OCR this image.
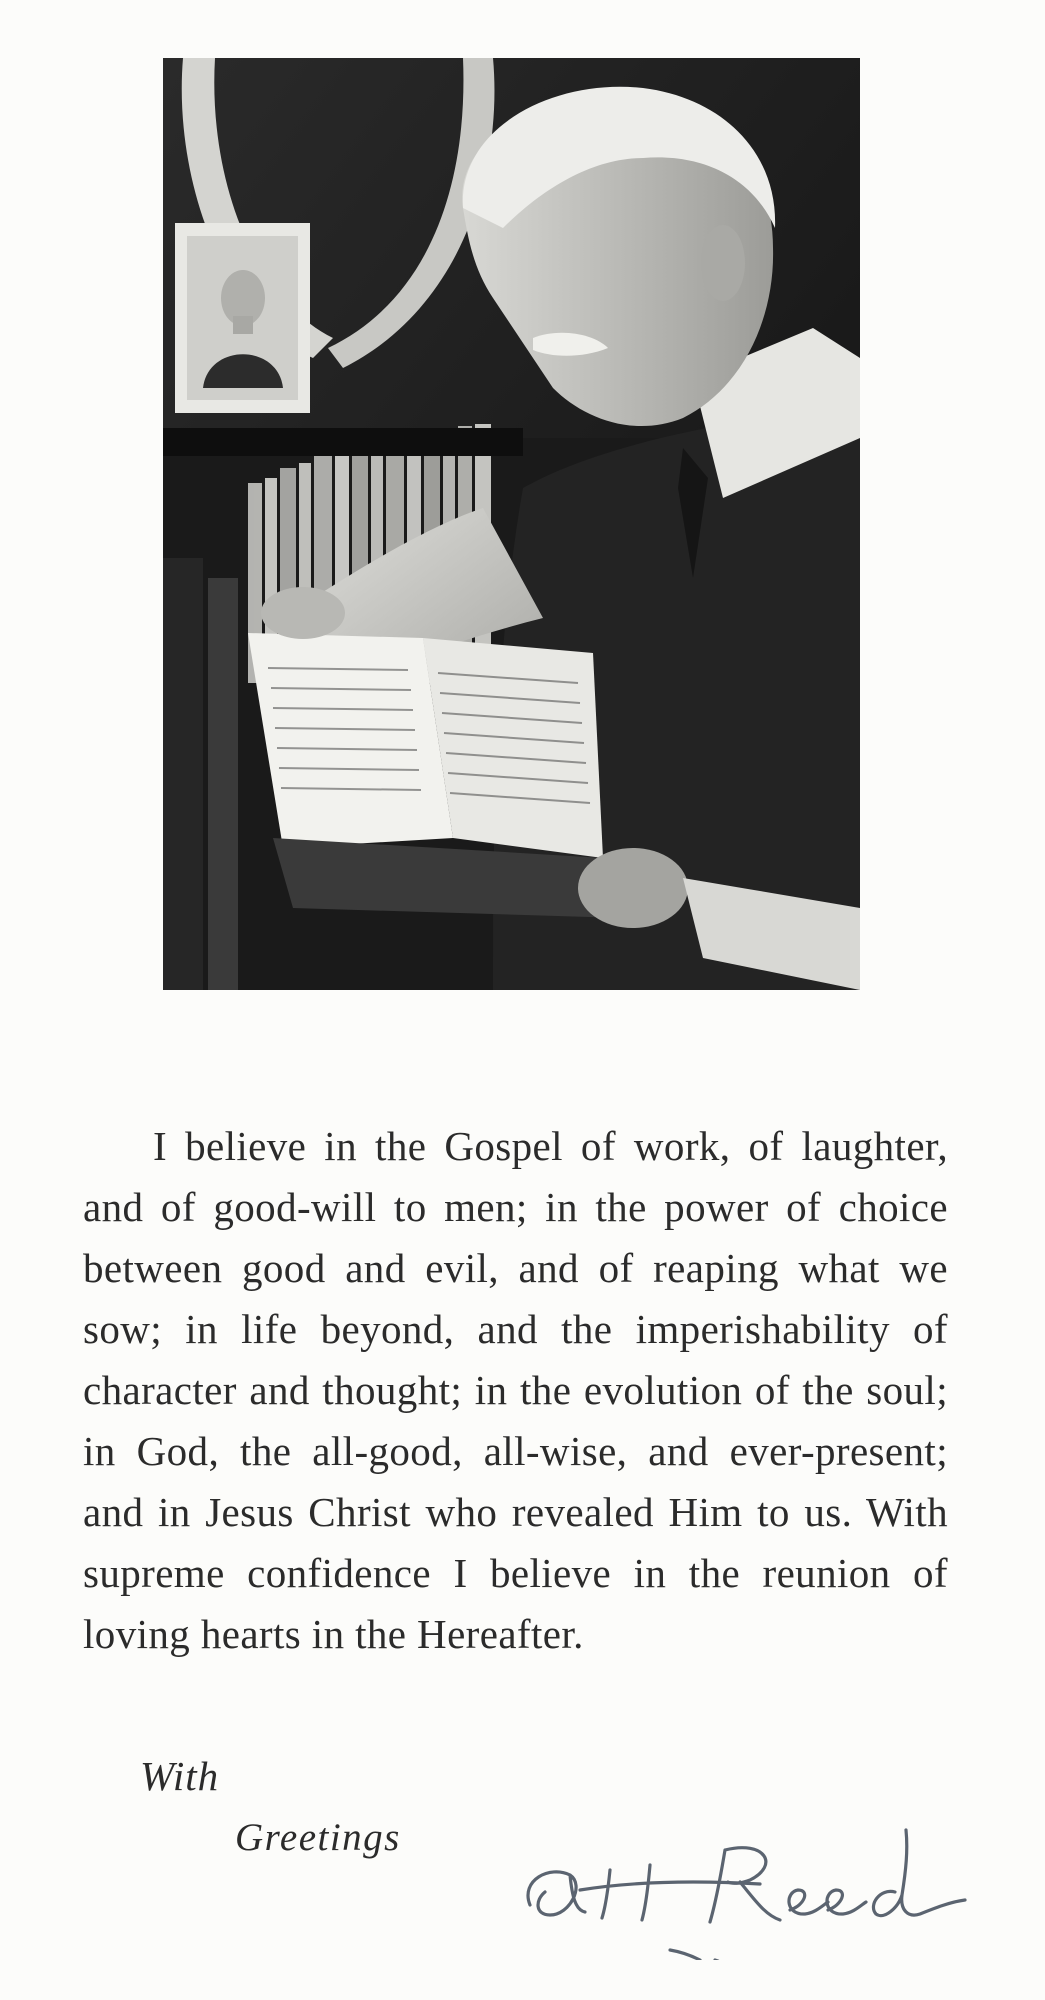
I believe in the Gospel of work, of laughter, and of good-will to men; in the power of choice between good and evil, and of reaping what we sow; in life beyond, and the imperishability of character and thought; in the evolution of the soul; in God, the all-good, all-wise, and ever-present; and in Jesus Christ who revealed Him to us. With supreme confidence I believe in the reunion of loving hearts in the Hereafter.

With
Greetings
